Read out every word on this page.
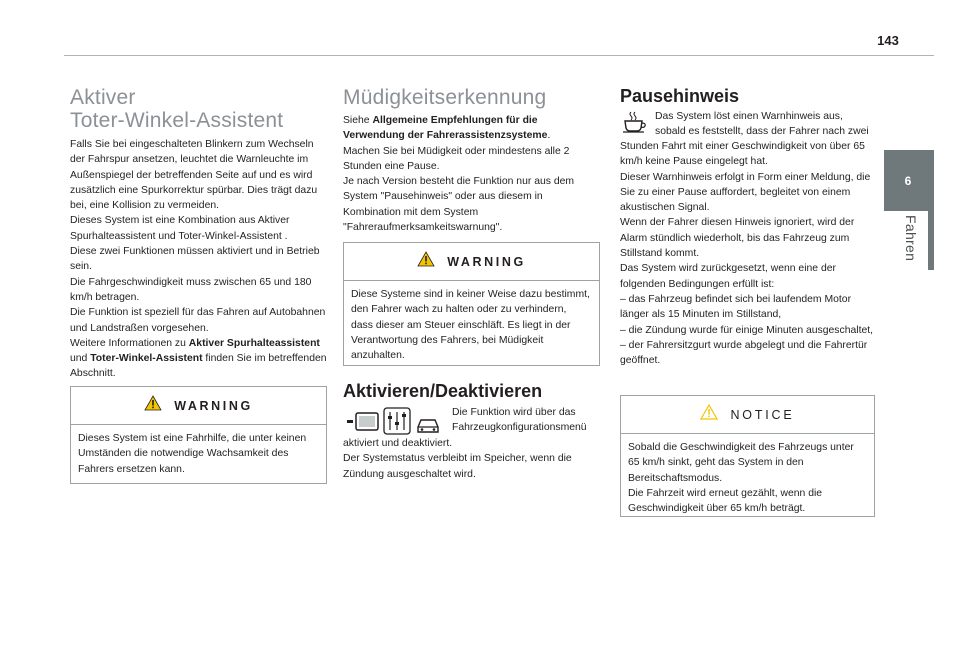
143
6
Fahren
Aktiver
Toter-Winkel-Assistent

Falls Sie bei eingeschalteten Blinkern zum Wechseln der Fahrspur ansetzen, leuchtet die Warnleuchte im Außenspiegel der betreffenden Seite auf und es wird zusätzlich eine Spurkorrektur spürbar. Dies trägt dazu bei, eine Kollision zu vermeiden.

Dieses System ist eine Kombination aus Aktiver Spurhalteassistent und Toter-Winkel-Assistent .

Diese zwei Funktionen müssen aktiviert und in Betrieb sein.

Die Fahrgeschwindigkeit muss zwischen 65 und 180 km/h betragen.

Die Funktion ist speziell für das Fahren auf Autobahnen und Landstraßen vorgesehen.

Weitere Informationen zu Aktiver Spurhalteassistent und Toter-Winkel-Assistent finden Sie im betreffenden Abschnitt.

WARNING
Dieses System ist eine Fahrhilfe, die unter keinen Umständen die notwendige Wachsamkeit des Fahrers ersetzen kann.
Müdigkeitserkennung

Siehe Allgemeine Empfehlungen für die Verwendung der Fahrerassistenzsysteme.

Machen Sie bei Müdigkeit oder mindestens alle 2 Stunden eine Pause.

Je nach Version besteht die Funktion nur aus dem System "Pausehinweis" oder aus diesem in Kombination mit dem System "Fahreraufmerksamkeitswarnung".

WARNING
Diese Systeme sind in keiner Weise dazu bestimmt, den Fahrer wach zu halten oder zu verhindern, dass dieser am Steuer einschläft. Es liegt in der Verantwortung des Fahrers, bei Müdigkeit anzuhalten.
Aktivieren/Deaktivieren
Die Funktion wird über das Fahrzeugkonfigurationsmenü

aktiviert und deaktiviert.

Der Systemstatus verbleibt im Speicher, wenn die Zündung ausgeschaltet wird.

Pausehinweis
Das System löst einen Warnhinweis aus, sobald es feststellt, dass der Fahrer nach zwei

Stunden Fahrt mit einer Geschwindigkeit von über 65 km/h keine Pause eingelegt hat.

Dieser Warnhinweis erfolgt in Form einer Meldung, die Sie zu einer Pause auffordert, begleitet von einem akustischen Signal.

Wenn der Fahrer diesen Hinweis ignoriert, wird der Alarm stündlich wiederholt, bis das Fahrzeug zum Stillstand kommt.

Das System wird zurückgesetzt, wenn eine der folgenden Bedingungen erfüllt ist:

– das Fahrzeug befindet sich bei laufendem Motor länger als 15 Minuten im Stillstand,

– die Zündung wurde für einige Minuten ausgeschaltet,

– der Fahrersitzgurt wurde abgelegt und die Fahrertür geöffnet.

NOTICE

Sobald die Geschwindigkeit des Fahrzeugs unter 65 km/h sinkt, geht das System in den Bereitschaftsmodus.

Die Fahrzeit wird erneut gezählt, wenn die Geschwindigkeit über 65 km/h beträgt.
